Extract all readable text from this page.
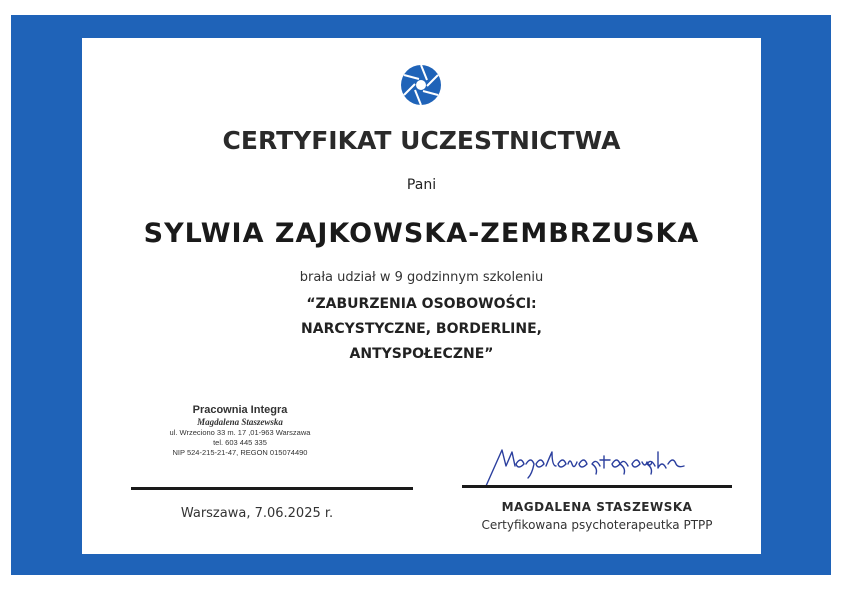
CERTYFIKAT UCZESTNICTWA
Pani
SYLWIA ZAJKOWSKA-ZEMBRZUSKA
brała udział w 9 godzinnym szkoleniu
“ZABURZENIA OSOBOWOŚCI:
NARCYSTYCZNE, BORDERLINE,
ANTYSPOŁECZNE”
Pracownia Integra
Magdalena Staszewska
ul. Wrzeciono 33 m. 17 ,01-963 Warszawa
tel. 603 445 335
NIP 524-215-21-47, REGON 015074490
Warszawa, 7.06.2025 r.	MAGDALENA STASZEWSKA
Certyfikowana psychoterapeutka PTPP
